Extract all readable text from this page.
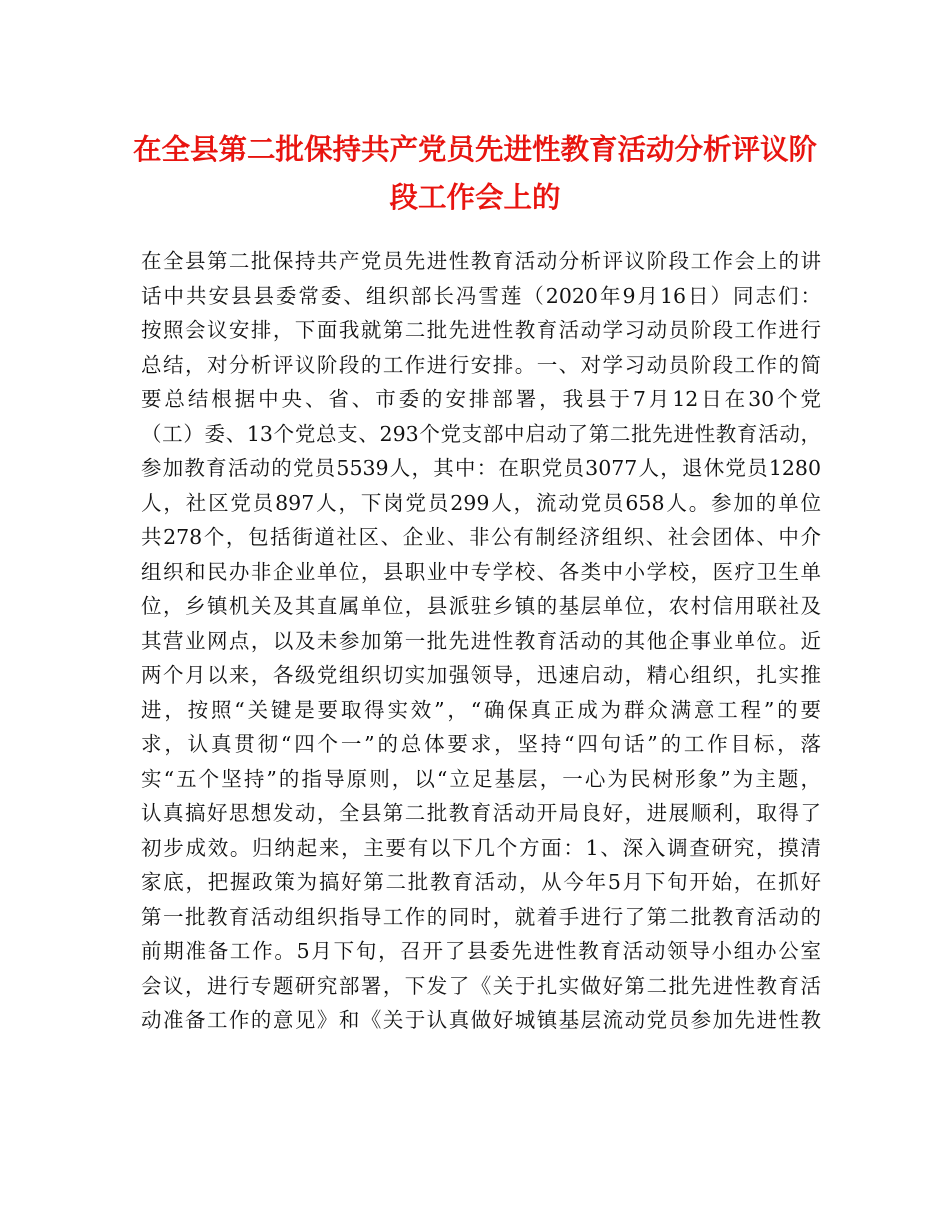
在全县第二批保持共产党员先进性教育活动分析评议阶
段工作会上的
在全县第二批保持共产党员先进性教育活动分析评议阶段工作会上的讲
话中共安县县委常委、组织部长冯雪莲（2020年9月16日）同志们：
按照会议安排，下面我就第二批先进性教育活动学习动员阶段工作进行
总结，对分析评议阶段的工作进行安排。一、对学习动员阶段工作的简
要总结根据中央、省、市委的安排部署，我县于7月12日在30个党
（工）委、13个党总支、293个党支部中启动了第二批先进性教育活动，
参加教育活动的党员5539人，其中：在职党员3077人，退休党员1280
人，社区党员897人，下岗党员299人，流动党员658人。参加的单位
共278个，包括街道社区、企业、非公有制经济组织、社会团体、中介
组织和民办非企业单位，县职业中专学校、各类中小学校，医疗卫生单
位，乡镇机关及其直属单位，县派驻乡镇的基层单位，农村信用联社及
其营业网点，以及未参加第一批先进性教育活动的其他企事业单位。近
两个月以来，各级党组织切实加强领导，迅速启动，精心组织，扎实推
进，按照“关键是要取得实效”，“确保真正成为群众满意工程”的要
求，认真贯彻“四个一”的总体要求，坚持“四句话”的工作目标，落
实“五个坚持”的指导原则，以“立足基层，一心为民树形象”为主题，
认真搞好思想发动，全县第二批教育活动开局良好，进展顺利，取得了
初步成效。归纳起来，主要有以下几个方面：1、深入调查研究，摸清
家底，把握政策为搞好第二批教育活动，从今年5月下旬开始，在抓好
第一批教育活动组织指导工作的同时，就着手进行了第二批教育活动的
前期准备工作。5月下旬，召开了县委先进性教育活动领导小组办公室
会议，进行专题研究部署，下发了《关于扎实做好第二批先进性教育活
动准备工作的意见》和《关于认真做好城镇基层流动党员参加先进性教
